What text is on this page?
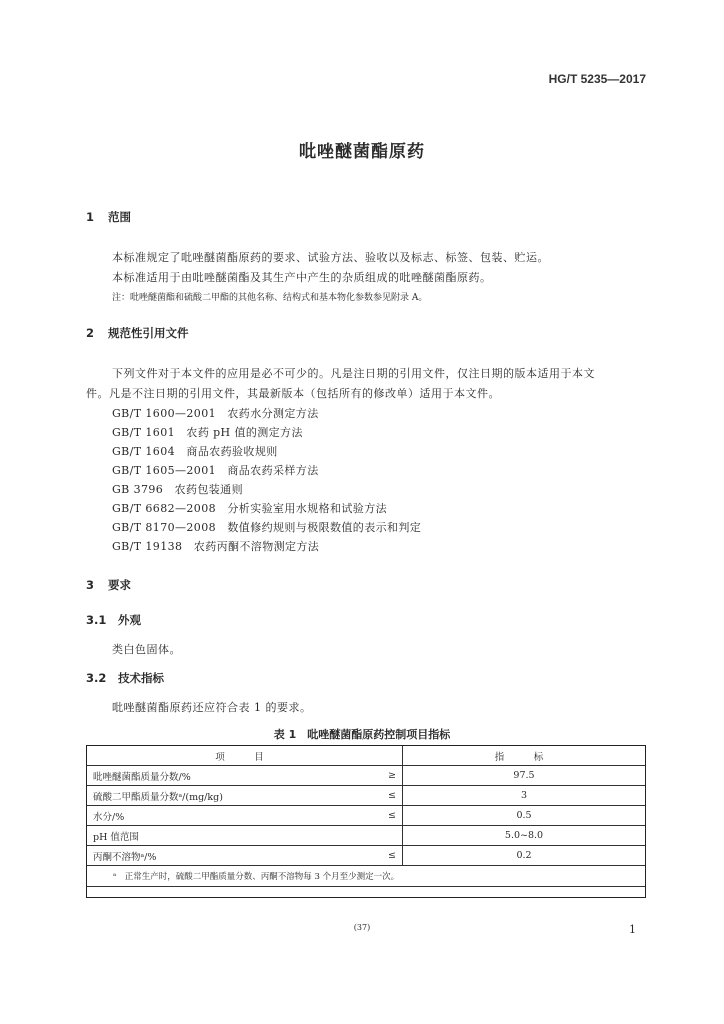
HG/T 5235—2017
吡唑醚菌酯原药
1 范围
本标准规定了吡唑醚菌酯原药的要求、试验方法、验收以及标志、标签、包装、贮运。
本标准适用于由吡唑醚菌酯及其生产中产生的杂质组成的吡唑醚菌酯原药。
注：吡唑醚菌酯和硫酸二甲酯的其他名称、结构式和基本物化参数参见附录 A。
2 规范性引用文件
下列文件对于本文件的应用是必不可少的。凡是注日期的引用文件，仅注日期的版本适用于本文
件。凡是不注日期的引用文件，其最新版本（包括所有的修改单）适用于本文件。
GB/T 1600—2001　 农药水分测定方法
GB/T 1601　 农药 pH 值的测定方法
GB/T 1604　 商品农药验收规则
GB/T 1605—2001　 商品农药采样方法
GB 3796　 农药包装通则
GB/T 6682—2008　 分析实验室用水规格和试验方法
GB/T 8170—2008　 数值修约规则与极限数值的表示和判定
GB/T 19138　 农药丙酮不溶物测定方法
3 要求
3.1 外观
类白色固体。
3.2 技术指标
吡唑醚菌酯原药还应符合表 1 的要求。
表 1　吡唑醚菌酯原药控制项目指标
项　目		指　标
吡唑醚菌酯质量分数/%	≥	97.5
硫酸二甲酯质量分数ᵃ/(mg/kg)	≤	3
水分/%	≤	0.5
pH 值范围		5.0~8.0
丙酮不溶物ᵃ/%	≤	0.2
ᵃ　正常生产时，硫酸二甲酯质量分数、丙酮不溶物每 3 个月至少测定一次。		
(37)	1
